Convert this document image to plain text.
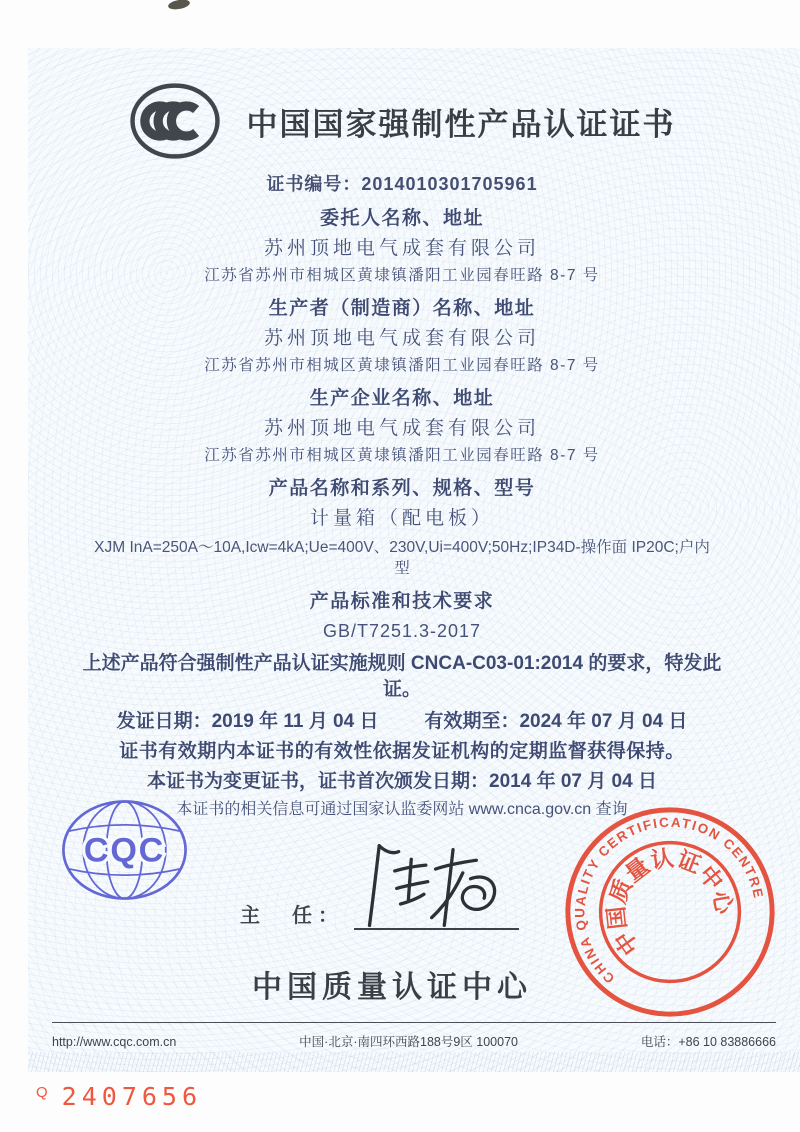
中国国家强制性产品认证证书

证书编号：2014010301705961

委托人名称、地址

苏州顶地电气成套有限公司

江苏省苏州市相城区黄埭镇潘阳工业园春旺路 8-7 号

生产者（制造商）名称、地址

苏州顶地电气成套有限公司

江苏省苏州市相城区黄埭镇潘阳工业园春旺路 8-7 号

生产企业名称、地址

苏州顶地电气成套有限公司

江苏省苏州市相城区黄埭镇潘阳工业园春旺路 8-7 号

产品名称和系列、规格、型号

计量箱（配电板）

XJM InA=250A～10A,Icw=4kA;Ue=400V、230V,Ui=400V;50Hz;IP34D-操作面 IP20C;户内型

产品标准和技术要求

GB/T7251.3-2017

上述产品符合强制性产品认证实施规则 CNCA-C03-01:2014 的要求，特发此证。

发证日期：2019 年 11 月 04 日 有效期至：2024 年 07 月 04 日

证书有效期内本证书的有效性依据发证机构的定期监督获得保持。

本证书为变更证书，证书首次颁发日期：2014 年 07 月 04 日

本证书的相关信息可通过国家认监委网站 www.cnca.gov.cn 查询

CQC
主　任：
CHINA QUALITY CERTIFICATION CENTRE
中国质量认证中心
中国质量认证中心
http://www.cqc.com.cn	中国·北京·南四环西路188号9区 100070	电话：+86 10 83886666
Q 2407656
